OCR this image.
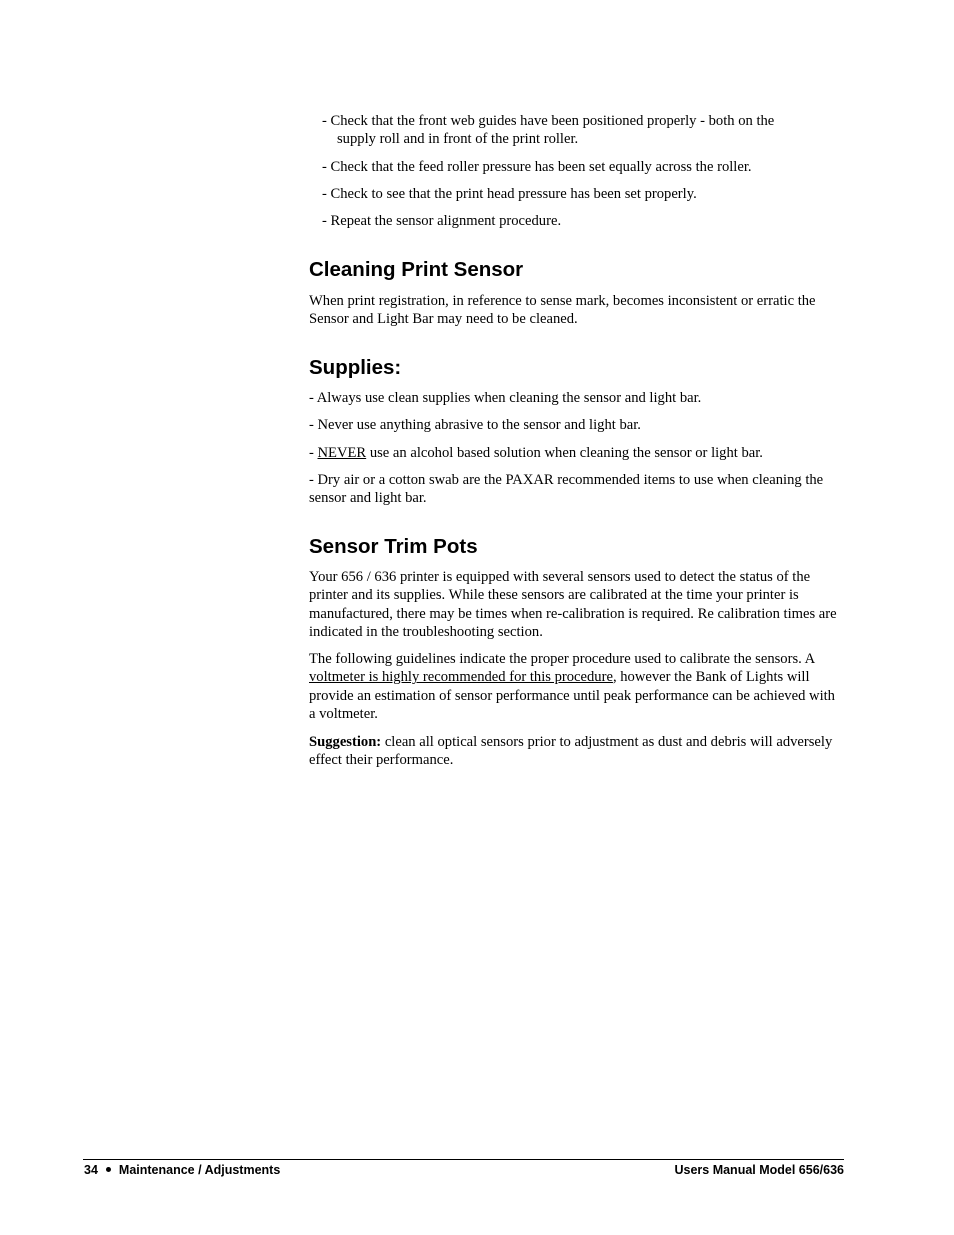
- Check that the front web guides have been positioned properly - both on the
supply roll and in front of the print roller.

- Check that the feed roller pressure has been set equally across the roller.

- Check to see that the print head pressure has been set properly.

- Repeat the sensor alignment procedure.

Cleaning Print Sensor

When print registration, in reference to sense mark, becomes inconsistent or erratic the Sensor and Light Bar may need to be cleaned.

Supplies:

- Always use clean supplies when cleaning the sensor and light bar.

- Never use anything abrasive to the sensor and light bar.

- NEVER use an alcohol based solution when cleaning the sensor or light bar.

- Dry air or a cotton swab are the PAXAR recommended items to use when cleaning the sensor and light bar.

Sensor Trim Pots

Your 656 / 636 printer is equipped with several sensors used to detect the status of the printer and its supplies. While these sensors are calibrated at the time your printer is manufactured, there may be times when re-calibration is required. Re calibration times are indicated in the troubleshooting section.

The following guidelines indicate the proper procedure used to calibrate the sensors. A voltmeter is highly recommended for this procedure, however the Bank of Lights will provide an estimation of sensor performance until peak performance can be achieved with a voltmeter.

Suggestion: clean all optical sensors prior to adjustment as dust and debris will adversely effect their performance.

34 Maintenance / Adjustments	Users Manual Model 656/636
